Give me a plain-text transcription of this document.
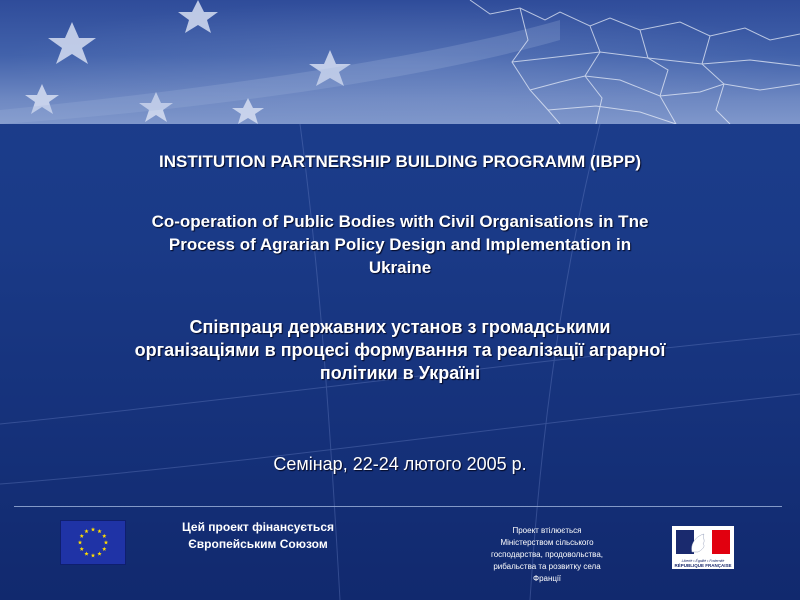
INSTITUTION PARTNERSHIP BUILDING PROGRAMM (IBPP)
Co-operation of Public Bodies with Civil Organisations in Tne
Process of Agrarian Policy Design and Implementation in
Ukraine
Співпраця державних установ з громадськими
організаціями в процесі формування та реалізації аграрної
політики в Україні
Семінар, 22-24 лютого 2005 р.
Цей проект фінансується
Європейським Союзом
Проект втілюється
Міністерством сільського
господарства, продовольства,
рибальства та розвитку села
Франції
Liberté • Égalité • Fraternité
RÉPUBLIQUE FRANÇAISE
